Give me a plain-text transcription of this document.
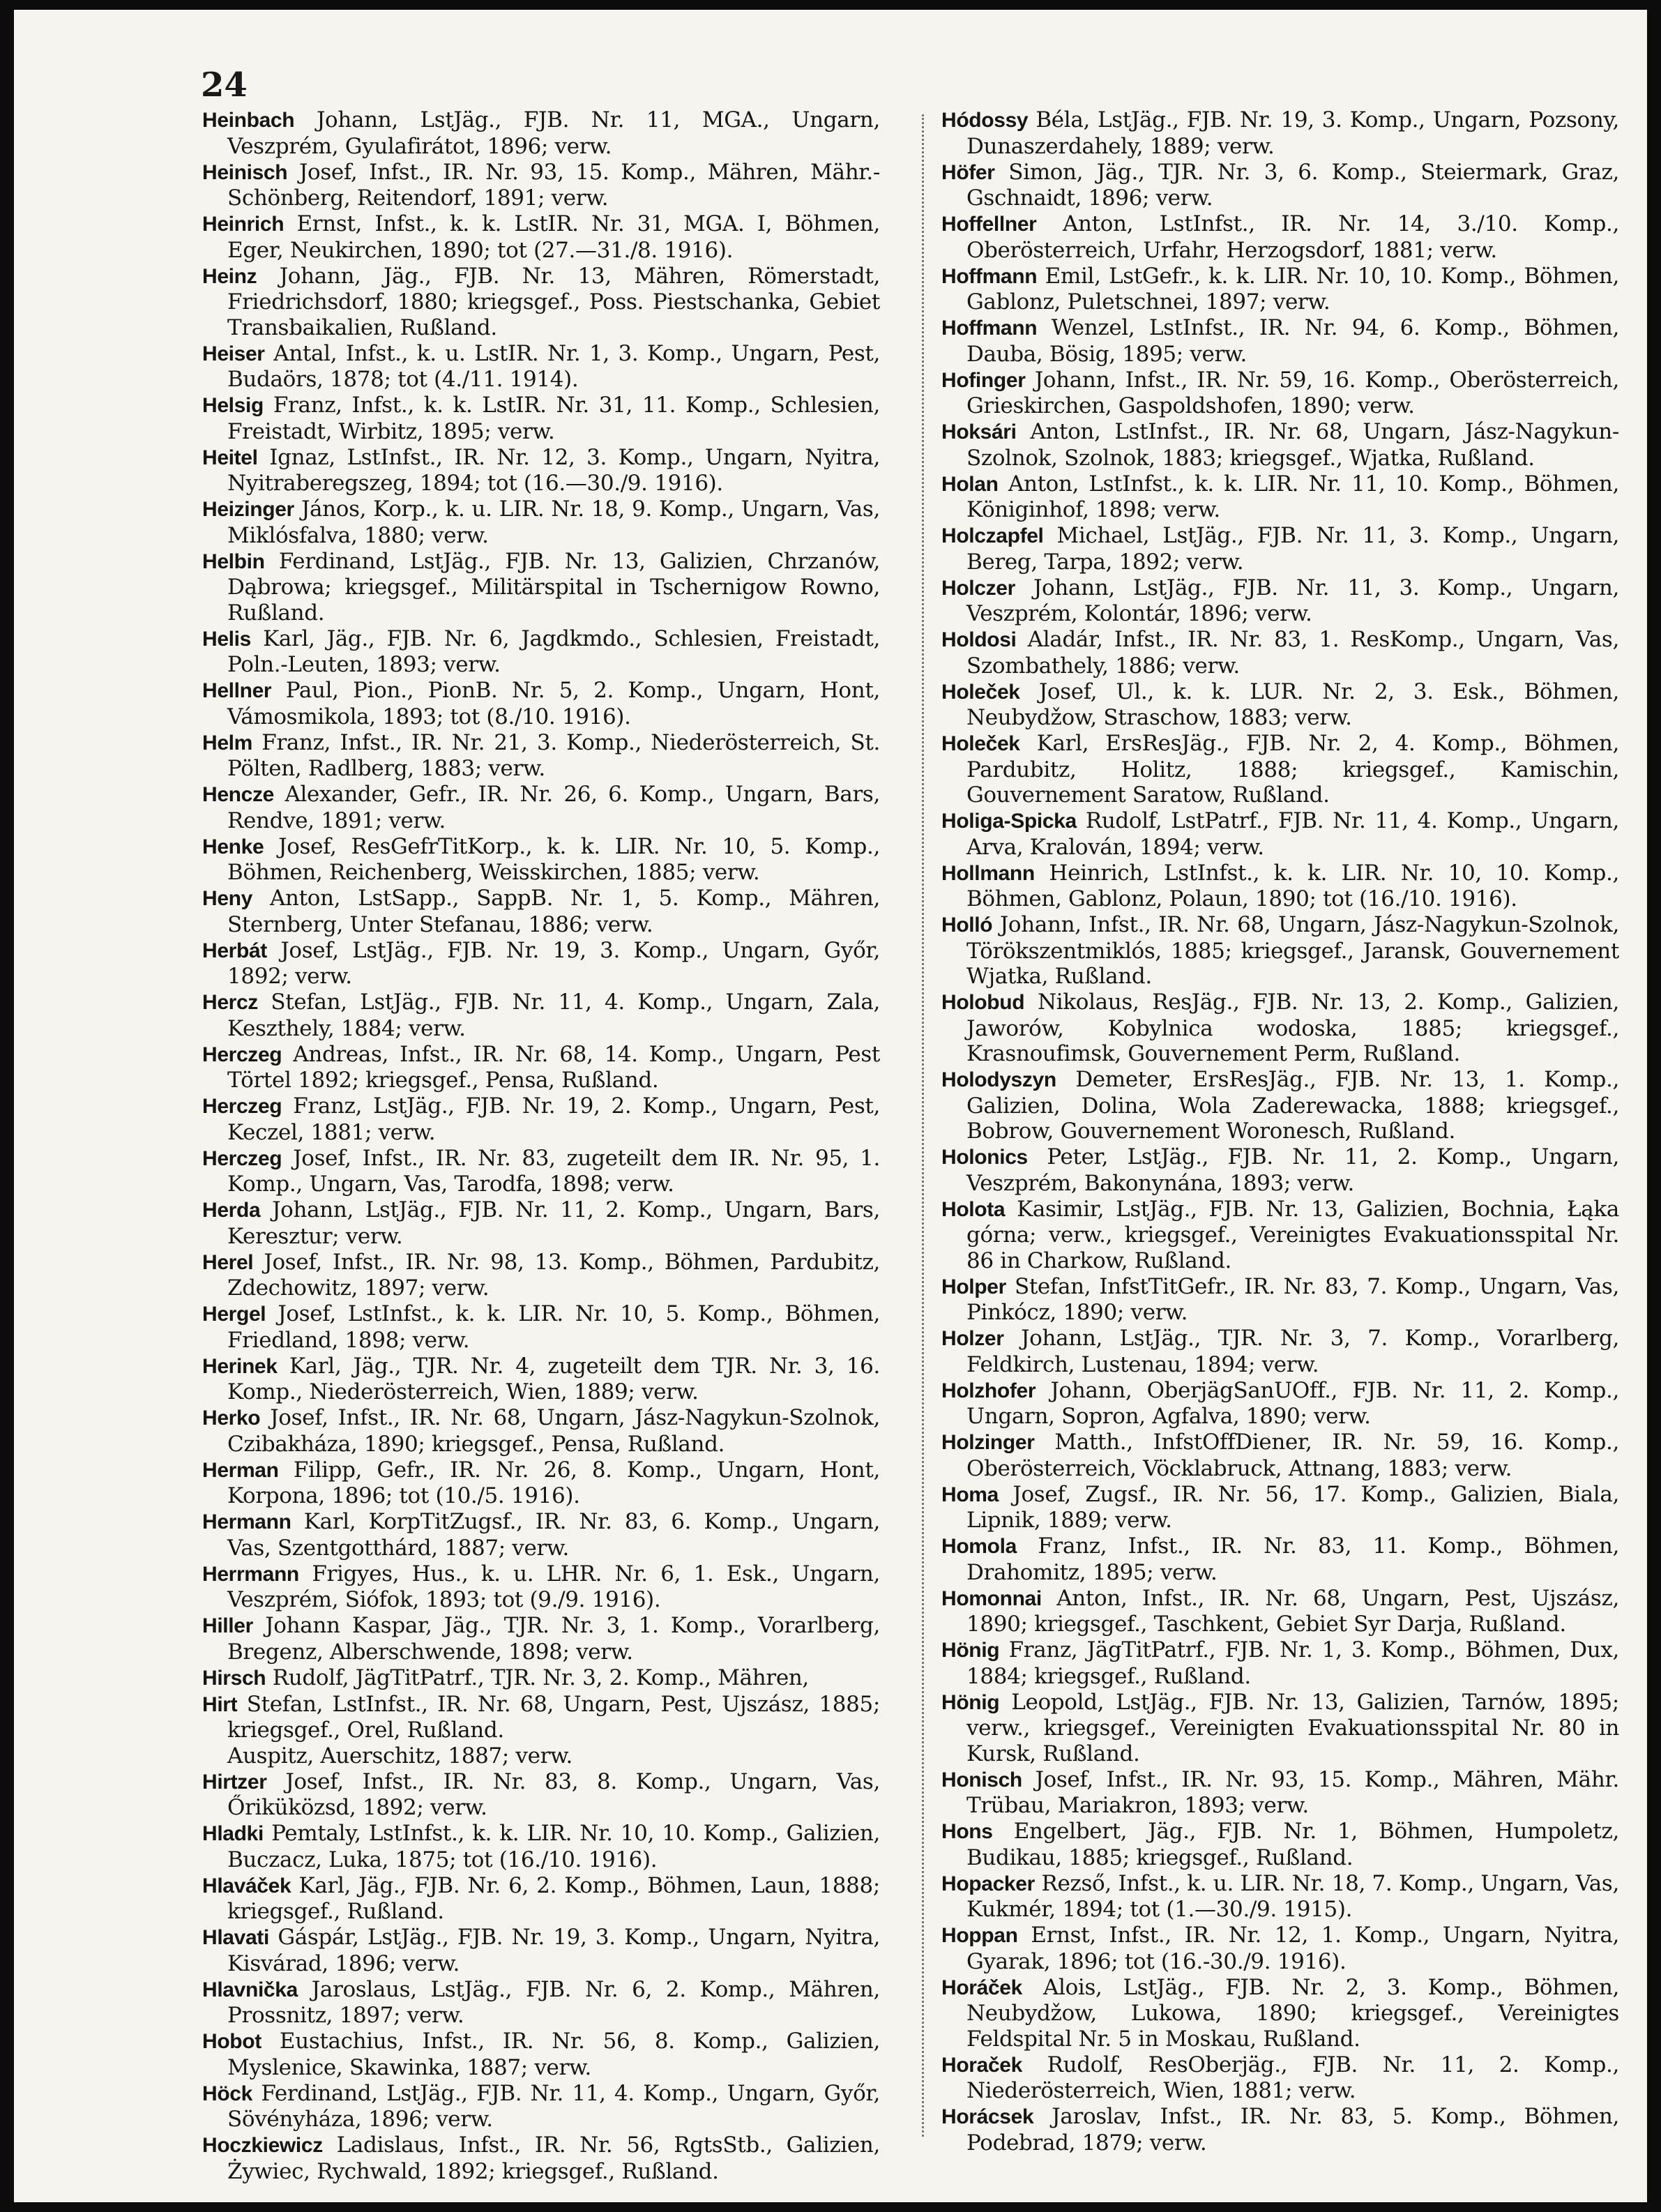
24
Heinbach Johann, LstJäg., FJB. Nr. 11, MGA., Ungarn, Veszprém, Gyulafirátot, 1896; verw.
Heinisch Josef, Infst., IR. Nr. 93, 15. Komp., Mähren, Mähr.-Schönberg, Reitendorf, 1891; verw.
Heinrich Ernst, Infst., k. k. LstIR. Nr. 31, MGA. I, Böhmen, Eger, Neukirchen, 1890; tot (27.—31./8. 1916).
Heinz Johann, Jäg., FJB. Nr. 13, Mähren, Römerstadt, Friedrichsdorf, 1880; kriegsgef., Poss. Piestschanka, Gebiet Transbaikalien, Rußland.
Heiser Antal, Infst., k. u. LstIR. Nr. 1, 3. Komp., Ungarn, Pest, Budaörs, 1878; tot (4./11. 1914).
Helsig Franz, Infst., k. k. LstIR. Nr. 31, 11. Komp., Schlesien, Freistadt, Wirbitz, 1895; verw.
Heitel Ignaz, LstInfst., IR. Nr. 12, 3. Komp., Ungarn, Nyitra, Nyitraberegszeg, 1894; tot (16.—30./9. 1916).
Heizinger János, Korp., k. u. LIR. Nr. 18, 9. Komp., Ungarn, Vas, Miklósfalva, 1880; verw.
Helbin Ferdinand, LstJäg., FJB. Nr. 13, Galizien, Chrzanów, Dąbrowa; kriegsgef., Militärspital in Tschernigow Rowno, Rußland.
Helis Karl, Jäg., FJB. Nr. 6, Jagdkmdo., Schlesien, Freistadt, Poln.-Leuten, 1893; verw.
Hellner Paul, Pion., PionB. Nr. 5, 2. Komp., Ungarn, Hont, Vámosmikola, 1893; tot (8./10. 1916).
Helm Franz, Infst., IR. Nr. 21, 3. Komp., Niederösterreich, St. Pölten, Radlberg, 1883; verw.
Hencze Alexander, Gefr., IR. Nr. 26, 6. Komp., Ungarn, Bars, Rendve, 1891; verw.
Henke Josef, ResGefrTitKorp., k. k. LIR. Nr. 10, 5. Komp., Böhmen, Reichenberg, Weisskirchen, 1885; verw.
Heny Anton, LstSapp., SappB. Nr. 1, 5. Komp., Mähren, Sternberg, Unter Stefanau, 1886; verw.
Herbát Josef, LstJäg., FJB. Nr. 19, 3. Komp., Ungarn, Győr, 1892; verw.
Hercz Stefan, LstJäg., FJB. Nr. 11, 4. Komp., Ungarn, Zala, Keszthely, 1884; verw.
Herczeg Andreas, Infst., IR. Nr. 68, 14. Komp., Ungarn, Pest Törtel 1892; kriegsgef., Pensa, Rußland.
Herczeg Franz, LstJäg., FJB. Nr. 19, 2. Komp., Ungarn, Pest, Keczel, 1881; verw.
Herczeg Josef, Infst., IR. Nr. 83, zugeteilt dem IR. Nr. 95, 1. Komp., Ungarn, Vas, Tarodfa, 1898; verw.
Herda Johann, LstJäg., FJB. Nr. 11, 2. Komp., Ungarn, Bars, Keresztur; verw.
Herel Josef, Infst., IR. Nr. 98, 13. Komp., Böhmen, Pardubitz, Zdechowitz, 1897; verw.
Hergel Josef, LstInfst., k. k. LIR. Nr. 10, 5. Komp., Böhmen, Friedland, 1898; verw.
Herinek Karl, Jäg., TJR. Nr. 4, zugeteilt dem TJR. Nr. 3, 16. Komp., Niederösterreich, Wien, 1889; verw.
Herko Josef, Infst., IR. Nr. 68, Ungarn, Jász-Nagykun-Szolnok, Czibakháza, 1890; kriegsgef., Pensa, Rußland.
Herman Filipp, Gefr., IR. Nr. 26, 8. Komp., Ungarn, Hont, Korpona, 1896; tot (10./5. 1916).
Hermann Karl, KorpTitZugsf., IR. Nr. 83, 6. Komp., Ungarn, Vas, Szentgotthárd, 1887; verw.
Herrmann Frigyes, Hus., k. u. LHR. Nr. 6, 1. Esk., Ungarn, Veszprém, Siófok, 1893; tot (9./9. 1916).
Hiller Johann Kaspar, Jäg., TJR. Nr. 3, 1. Komp., Vorarlberg, Bregenz, Alberschwende, 1898; verw.
Hirsch Rudolf, JägTitPatrf., TJR. Nr. 3, 2. Komp., Mähren,
Hirt Stefan, LstInfst., IR. Nr. 68, Ungarn, Pest, Ujszász, 1885; kriegsgef., Orel, Rußland.
Auspitz, Auerschitz, 1887; verw.
Hirtzer Josef, Infst., IR. Nr. 83, 8. Komp., Ungarn, Vas, Őriküközsd, 1892; verw.
Hladki Pemtaly, LstInfst., k. k. LIR. Nr. 10, 10. Komp., Galizien, Buczacz, Luka, 1875; tot (16./10. 1916).
Hlaváček Karl, Jäg., FJB. Nr. 6, 2. Komp., Böhmen, Laun, 1888; kriegsgef., Rußland.
Hlavati Gáspár, LstJäg., FJB. Nr. 19, 3. Komp., Ungarn, Nyitra, Kisvárad, 1896; verw.
Hlavnička Jaroslaus, LstJäg., FJB. Nr. 6, 2. Komp., Mähren, Prossnitz, 1897; verw.
Hobot Eustachius, Infst., IR. Nr. 56, 8. Komp., Galizien, Myslenice, Skawinka, 1887; verw.
Höck Ferdinand, LstJäg., FJB. Nr. 11, 4. Komp., Ungarn, Győr, Sövényháza, 1896; verw.
Hoczkiewicz Ladislaus, Infst., IR. Nr. 56, RgtsStb., Galizien, Żywiec, Rychwald, 1892; kriegsgef., Rußland.
Hódossy Béla, LstJäg., FJB. Nr. 19, 3. Komp., Ungarn, Pozsony, Dunaszerdahely, 1889; verw.
Höfer Simon, Jäg., TJR. Nr. 3, 6. Komp., Steiermark, Graz, Gschnaidt, 1896; verw.
Hoffellner Anton, LstInfst., IR. Nr. 14, 3./10. Komp., Oberösterreich, Urfahr, Herzogsdorf, 1881; verw.
Hoffmann Emil, LstGefr., k. k. LIR. Nr. 10, 10. Komp., Böhmen, Gablonz, Puletschnei, 1897; verw.
Hoffmann Wenzel, LstInfst., IR. Nr. 94, 6. Komp., Böhmen, Dauba, Bösig, 1895; verw.
Hofinger Johann, Infst., IR. Nr. 59, 16. Komp., Oberösterreich, Grieskirchen, Gaspoldshofen, 1890; verw.
Hoksári Anton, LstInfst., IR. Nr. 68, Ungarn, Jász-Nagykun-Szolnok, Szolnok, 1883; kriegsgef., Wjatka, Rußland.
Holan Anton, LstInfst., k. k. LIR. Nr. 11, 10. Komp., Böhmen, Königinhof, 1898; verw.
Holczapfel Michael, LstJäg., FJB. Nr. 11, 3. Komp., Ungarn, Bereg, Tarpa, 1892; verw.
Holczer Johann, LstJäg., FJB. Nr. 11, 3. Komp., Ungarn, Veszprém, Kolontár, 1896; verw.
Holdosi Aladár, Infst., IR. Nr. 83, 1. ResKomp., Ungarn, Vas, Szombathely, 1886; verw.
Holeček Josef, Ul., k. k. LUR. Nr. 2, 3. Esk., Böhmen, Neubydžow, Straschow, 1883; verw.
Holeček Karl, ErsResJäg., FJB. Nr. 2, 4. Komp., Böhmen, Pardubitz, Holitz, 1888; kriegsgef., Kamischin, Gouvernement Saratow, Rußland.
Holiga-Spicka Rudolf, LstPatrf., FJB. Nr. 11, 4. Komp., Ungarn, Arva, Kralován, 1894; verw.
Hollmann Heinrich, LstInfst., k. k. LIR. Nr. 10, 10. Komp., Böhmen, Gablonz, Polaun, 1890; tot (16./10. 1916).
Holló Johann, Infst., IR. Nr. 68, Ungarn, Jász-Nagykun-Szolnok, Törökszentmiklós, 1885; kriegsgef., Jaransk, Gouvernement Wjatka, Rußland.
Holobud Nikolaus, ResJäg., FJB. Nr. 13, 2. Komp., Galizien, Jaworów, Kobylnica wodoska, 1885; kriegsgef., Krasnoufimsk, Gouvernement Perm, Rußland.
Holodyszyn Demeter, ErsResJäg., FJB. Nr. 13, 1. Komp., Galizien, Dolina, Wola Zaderewacka, 1888; kriegsgef., Bobrow, Gouvernement Woronesch, Rußland.
Holonics Peter, LstJäg., FJB. Nr. 11, 2. Komp., Ungarn, Veszprém, Bakonynána, 1893; verw.
Holota Kasimir, LstJäg., FJB. Nr. 13, Galizien, Bochnia, Łąka górna; verw., kriegsgef., Vereinigtes Evakuationsspital Nr. 86 in Charkow, Rußland.
Holper Stefan, InfstTitGefr., IR. Nr. 83, 7. Komp., Ungarn, Vas, Pinkócz, 1890; verw.
Holzer Johann, LstJäg., TJR. Nr. 3, 7. Komp., Vorarlberg, Feldkirch, Lustenau, 1894; verw.
Holzhofer Johann, OberjägSanUOff., FJB. Nr. 11, 2. Komp., Ungarn, Sopron, Agfalva, 1890; verw.
Holzinger Matth., InfstOffDiener, IR. Nr. 59, 16. Komp., Oberösterreich, Vöcklabruck, Attnang, 1883; verw.
Homa Josef, Zugsf., IR. Nr. 56, 17. Komp., Galizien, Biala, Lipnik, 1889; verw.
Homola Franz, Infst., IR. Nr. 83, 11. Komp., Böhmen, Drahomitz, 1895; verw.
Homonnai Anton, Infst., IR. Nr. 68, Ungarn, Pest, Ujszász, 1890; kriegsgef., Taschkent, Gebiet Syr Darja, Rußland.
Hönig Franz, JägTitPatrf., FJB. Nr. 1, 3. Komp., Böhmen, Dux, 1884; kriegsgef., Rußland.
Hönig Leopold, LstJäg., FJB. Nr. 13, Galizien, Tarnów, 1895; verw., kriegsgef., Vereinigten Evakuationsspital Nr. 80 in Kursk, Rußland.
Honisch Josef, Infst., IR. Nr. 93, 15. Komp., Mähren, Mähr. Trübau, Mariakron, 1893; verw.
Hons Engelbert, Jäg., FJB. Nr. 1, Böhmen, Humpoletz, Budikau, 1885; kriegsgef., Rußland.
Hopacker Rezső, Infst., k. u. LIR. Nr. 18, 7. Komp., Ungarn, Vas, Kukmér, 1894; tot (1.—30./9. 1915).
Hoppan Ernst, Infst., IR. Nr. 12, 1. Komp., Ungarn, Nyitra, Gyarak, 1896; tot (16.-30./9. 1916).
Horáček Alois, LstJäg., FJB. Nr. 2, 3. Komp., Böhmen, Neubydžow, Lukowa, 1890; kriegsgef., Vereinigtes Feldspital Nr. 5 in Moskau, Rußland.
Horaček Rudolf, ResOberjäg., FJB. Nr. 11, 2. Komp., Niederösterreich, Wien, 1881; verw.
Horácsek Jaroslav, Infst., IR. Nr. 83, 5. Komp., Böhmen, Podebrad, 1879; verw.
